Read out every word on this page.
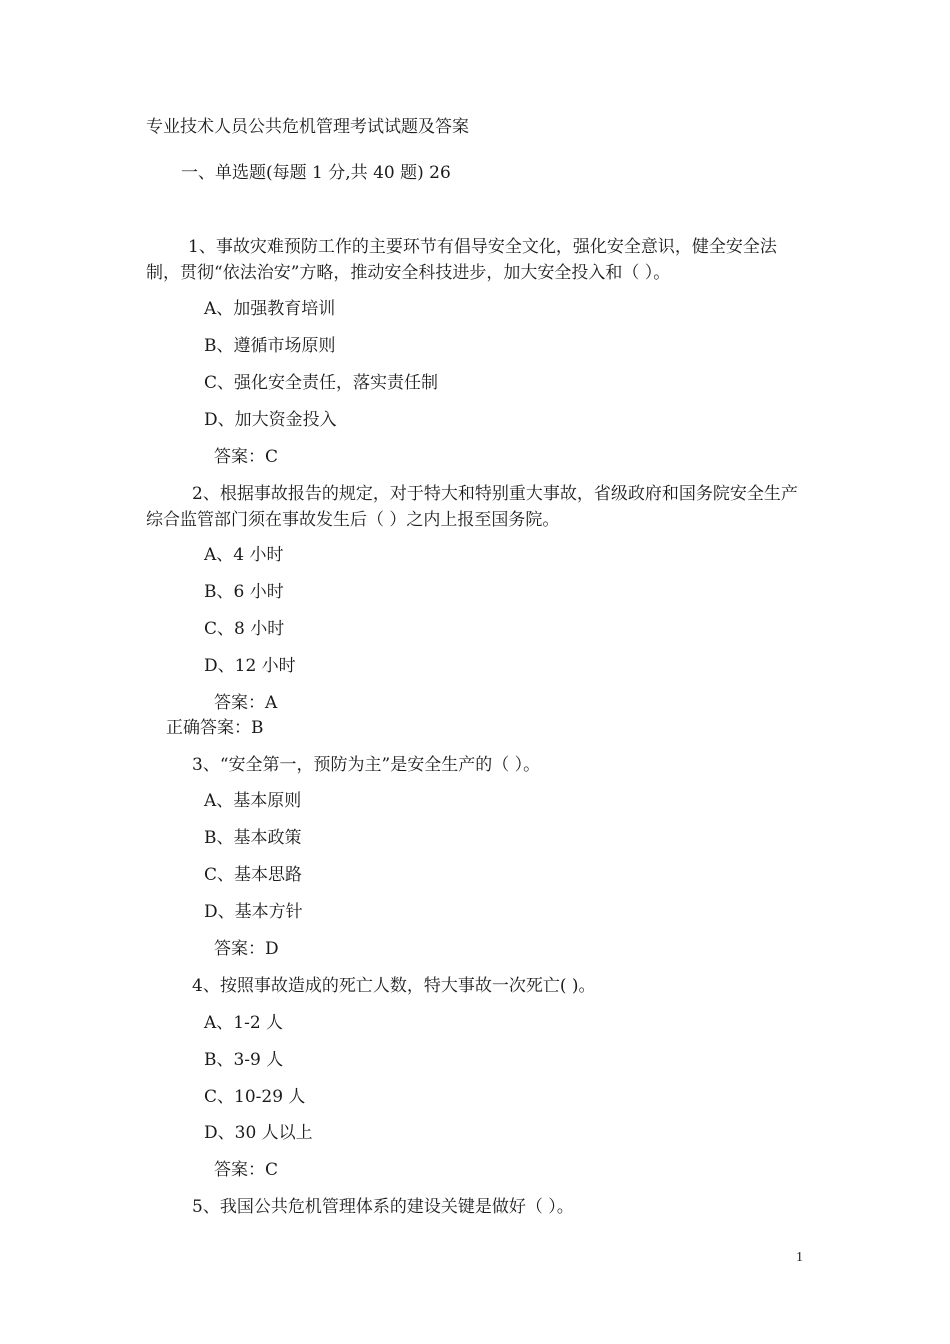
专业技术人员公共危机管理考试试题及答案
一、单选题(每题 1 分,共 40 题) 26
1、事故灾难预防工作的主要环节有倡导安全文化，强化安全意识，健全安全法制，贯彻“依法治安”方略，推动安全科技进步，加大安全投入和（ ）。
A、加强教育培训
B、遵循市场原则
C、强化安全责任，落实责任制
D、加大资金投入
答案：C
2、根据事故报告的规定，对于特大和特别重大事故，省级政府和国务院安全生产综合监管部门须在事故发生后（ ）之内上报至国务院。
A、4 小时
B、6 小时
C、8 小时
D、12 小时
答案：A
正确答案：B
3、“安全第一，预防为主”是安全生产的（ ）。
A、基本原则
B、基本政策
C、基本思路
D、基本方针
答案：D
4、按照事故造成的死亡人数，特大事故一次死亡( )。
A、1-2 人
B、3-9 人
C、10-29 人
D、30 人以上
答案：C
5、我国公共危机管理体系的建设关键是做好（ ）。
1
